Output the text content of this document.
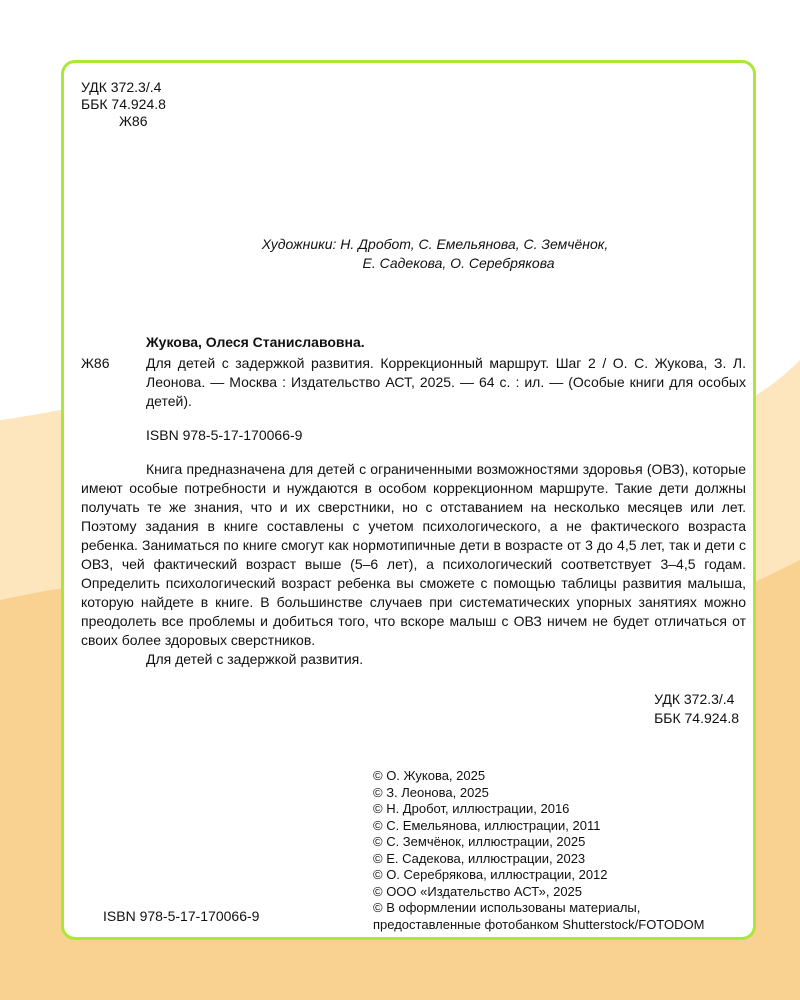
УДК 372.3/.4
ББК 74.924.8
Ж86
Художники: Н. Дробот, С. Емельянова, С. Земчёнок,
Е. Садекова, О. Серебрякова
Жукова, Олеся Станиславовна.
Ж86	Для детей с задержкой развития. Коррекционный маршрут. Шаг 2 / О. С. Жукова, З. Л. Леонова. — Москва : Издательство АСТ, 2025. — 64 с. : ил. — (Особые книги для особых детей).
ISBN 978-5-17-170066-9

Книга предназначена для детей с ограниченными возможностями здоровья (ОВЗ), которые имеют особые потребности и нуждаются в особом коррекционном маршруте. Такие дети должны получать те же знания, что и их сверстники, но с отставанием на несколько месяцев или лет. Поэтому задания в книге составлены с учетом психологического, а не фактического возраста ребенка. Заниматься по книге смогут как нормотипичные дети в возрасте от 3 до 4,5 лет, так и дети с ОВЗ, чей фактический возраст выше (5–6 лет), а психологический соответствует 3–4,5 годам. Определить психологический возраст ребенка вы сможете с помощью таблицы развития малыша, которую найдете в книге. В большинстве случаев при систематических упорных занятиях можно преодолеть все проблемы и добиться того, что вскоре малыш с ОВЗ ничем не будет отличаться от своих более здоровых сверстников.

Для детей с задержкой развития.

УДК 372.3/.4
ББК 74.924.8
© О. Жукова, 2025
© З. Леонова, 2025
© Н. Дробот, иллюстрации, 2016
© С. Емельянова, иллюстрации, 2011
© С. Земчёнок, иллюстрации, 2025
© Е. Садекова, иллюстрации, 2023
© О. Серебрякова, иллюстрации, 2012
© ООО «Издательство АСТ», 2025
© В оформлении использованы материалы,
предоставленные фотобанком Shutterstock/FOTODOM
ISBN 978-5-17-170066-9
